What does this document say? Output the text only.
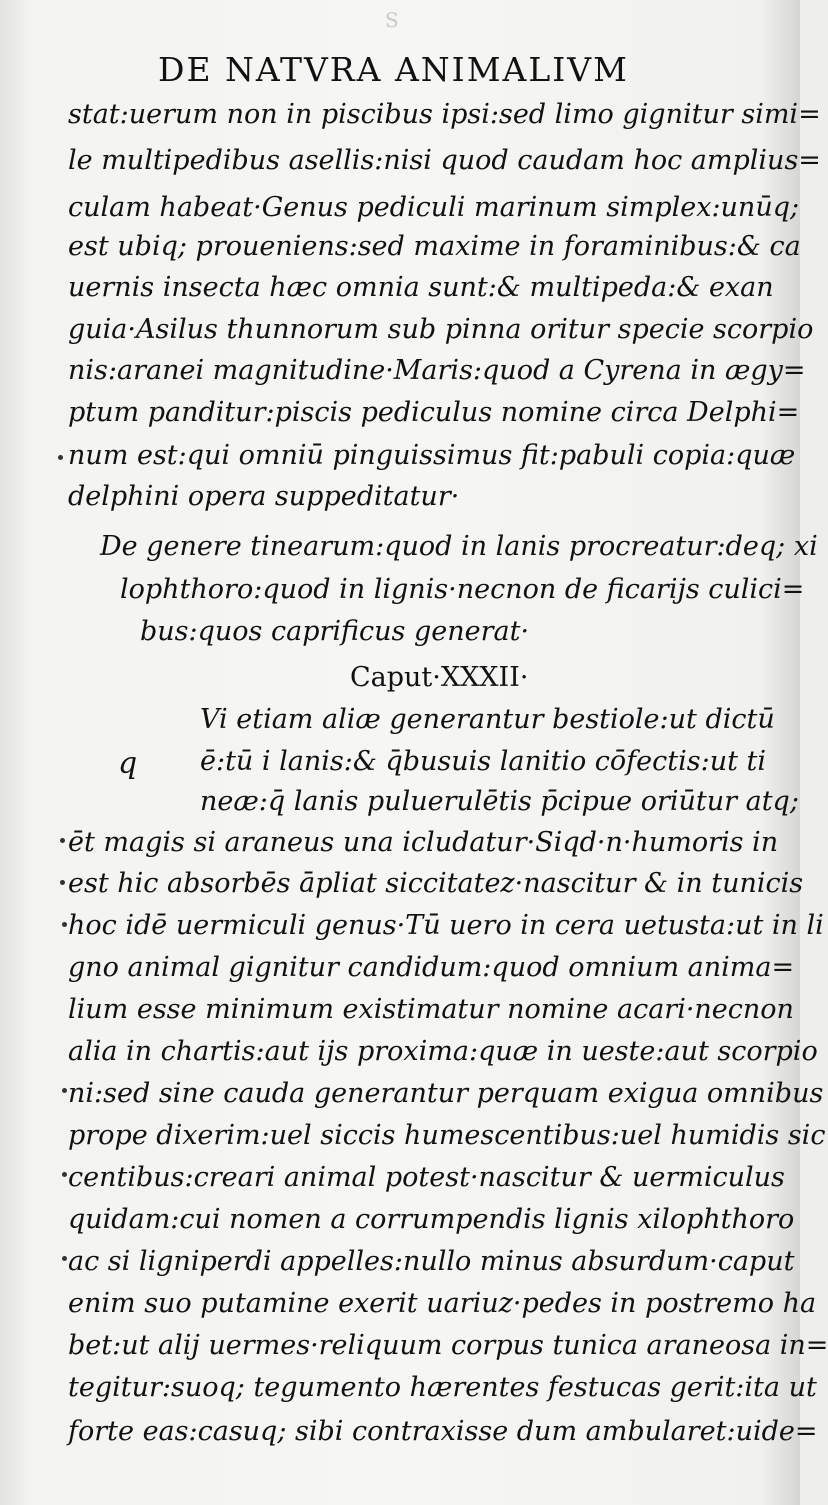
S
DE NATVRA ANIMALIVM
stat:uerum non in piscibus ipsi:sed limo gignitur simi=
le multipedibus asellis:nisi quod caudam hoc amplius=
culam habeat·Genus pediculi marinum simplex:unūq;
est ubiq; proueniens:sed maxime in foraminibus:& ca
uernis insecta hæc omnia sunt:& multipeda:& exan
guia·Asilus thunnorum sub pinna oritur specie scorpio
nis:aranei magnitudine·Maris:quod a Cyrena in ægy=
ptum panditur:piscis pediculus nomine circa Delphi=
num est:qui omniū pinguissimus fit:pabuli copia:quæ
delphini opera suppeditatur·
De genere tinearum:quod in lanis procreatur:deq; xi
lophthoro:quod in lignis·necnon de ficarijs culici=
bus:quos caprificus generat·
Caput·XXXII·
q
Vi etiam aliæ generantur bestiole:ut dictū
ē:tū i lanis:& q̄busuis lanitio cōfectis:ut ti
neæ:q̄ lanis puluerulētis p̄cipue oriūtur atq;
ēt magis si araneus una icludatur·Siqd·n·humoris in
est hic absorbēs āpliat siccitatez·nascitur & in tunicis
hoc idē uermiculi genus·Tū uero in cera uetusta:ut in li
gno animal gignitur candidum:quod omnium anima=
lium esse minimum existimatur nomine acari·necnon
alia in chartis:aut ijs proxima:quæ in ueste:aut scorpio
ni:sed sine cauda generantur perquam exigua omnibus
prope dixerim:uel siccis humescentibus:uel humidis sic
centibus:creari animal potest·nascitur & uermiculus
quidam:cui nomen a corrumpendis lignis xilophthoro
ac si ligniperdi appelles:nullo minus absurdum·caput
enim suo putamine exerit uariuz·pedes in postremo ha
bet:ut alij uermes·reliquum corpus tunica araneosa in=
tegitur:suoq; tegumento hærentes festucas gerit:ita ut
forte eas:casuq; sibi contraxisse dum ambularet:uide=
